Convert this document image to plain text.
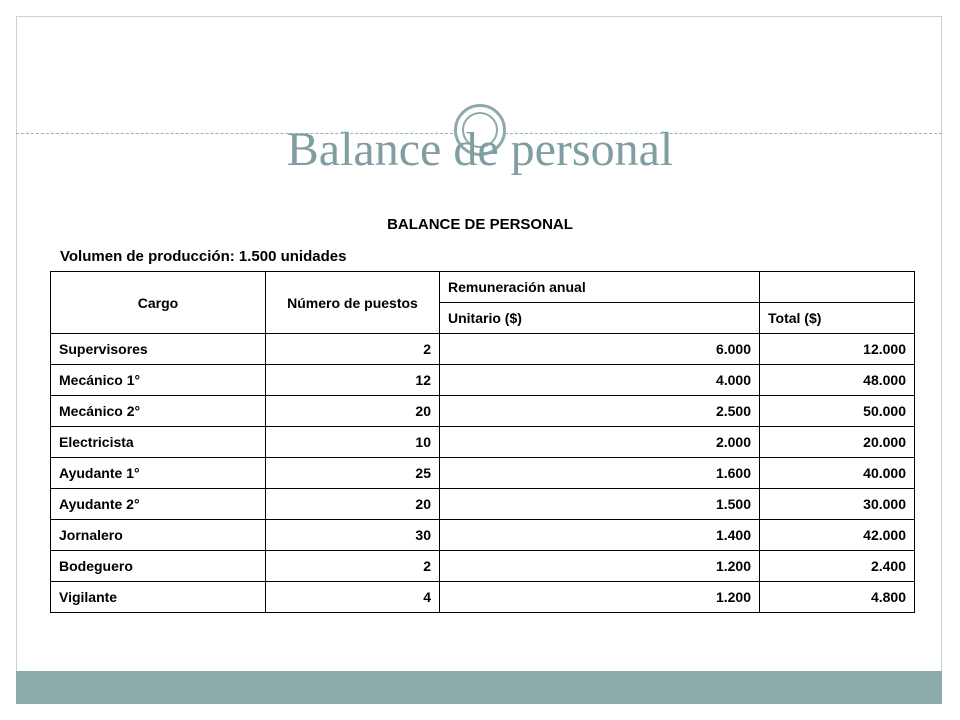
Balance de personal
BALANCE DE PERSONAL
Volumen de producción: 1.500 unidades
Cargo	Número de puestos	Remuneración anual	
		Unitario ($)	Total ($)
Supervisores	2	6.000	12.000
Mecánico 1°	12	4.000	48.000
Mecánico 2°	20	2.500	50.000
Electricista	10	2.000	20.000
Ayudante 1°	25	1.600	40.000
Ayudante 2°	20	1.500	30.000
Jornalero	30	1.400	42.000
Bodeguero	2	1.200	2.400
Vigilante	4	1.200	4.800
